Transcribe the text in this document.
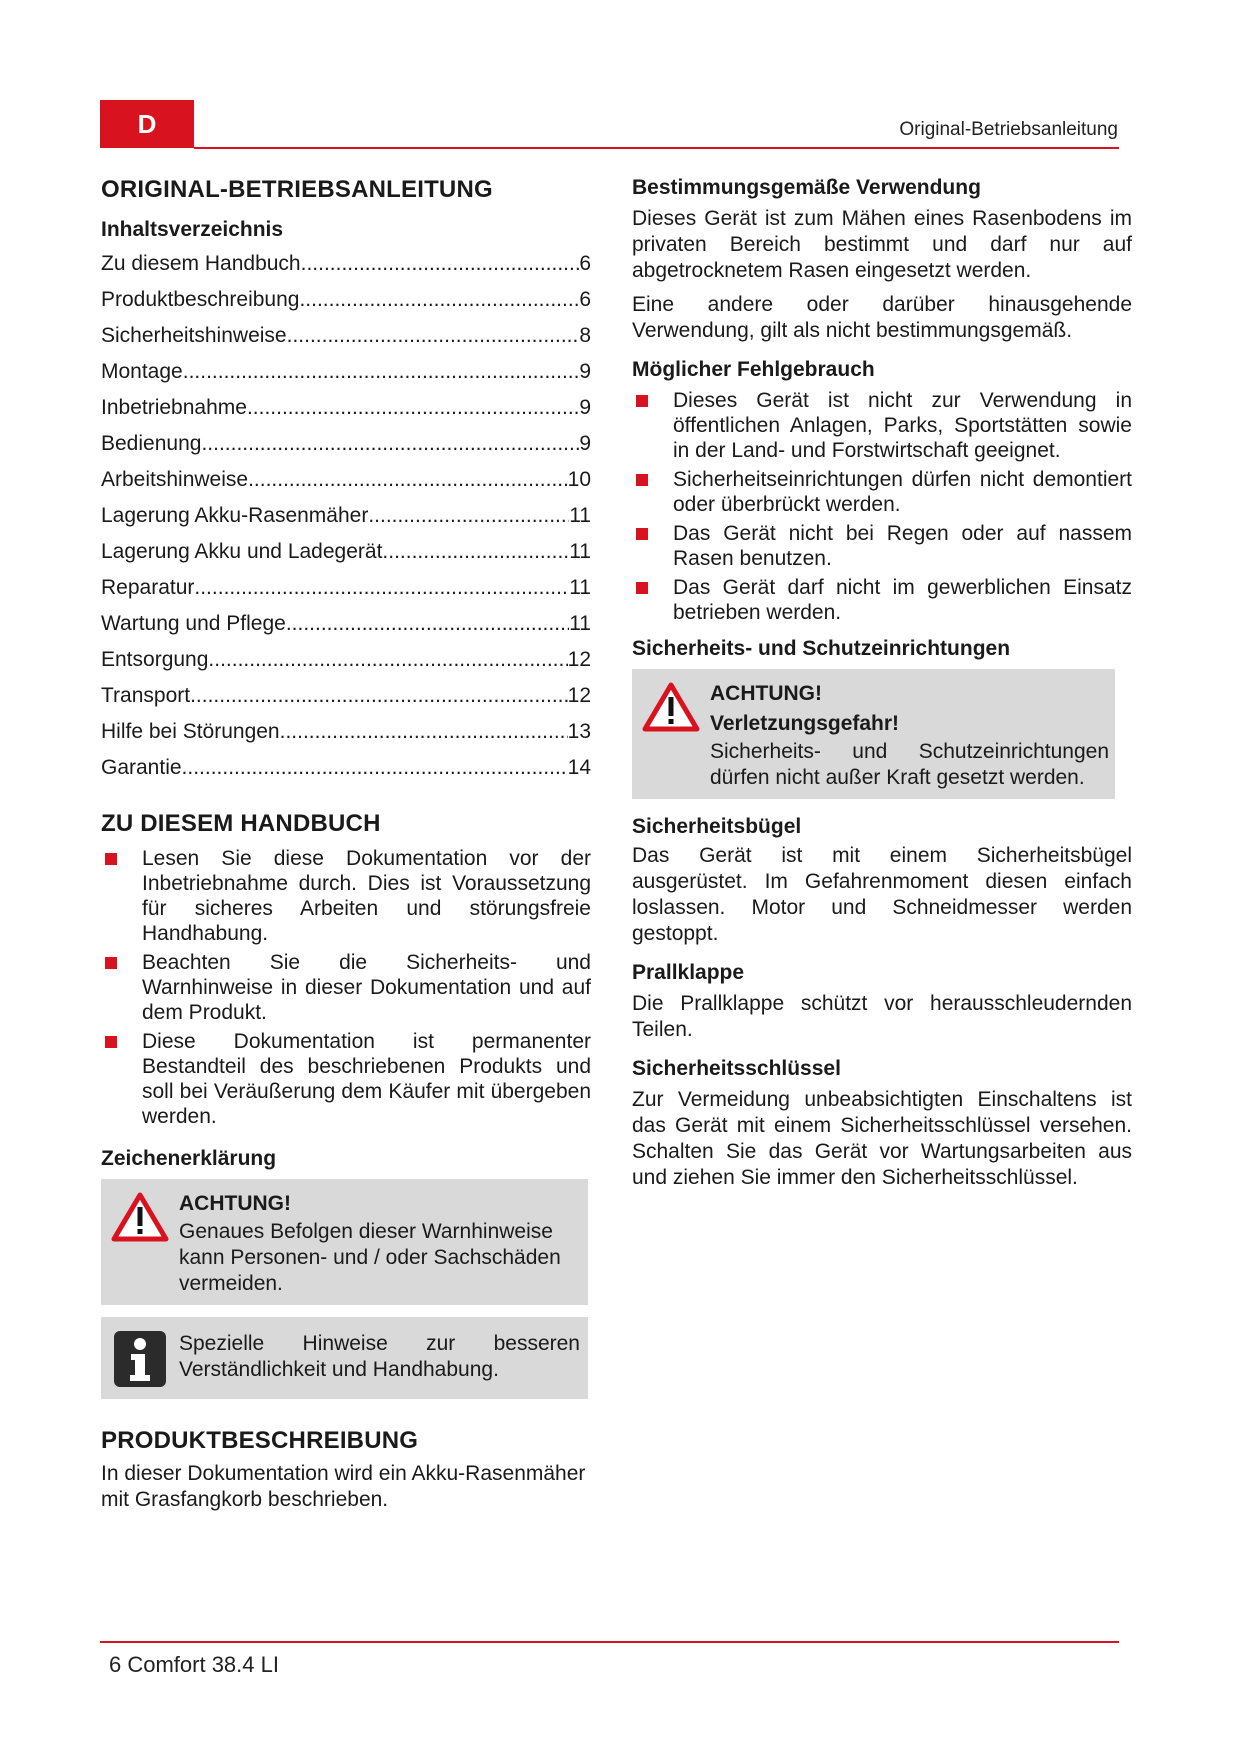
D	Original-Betriebsanleitung
ORIGINAL-BETRIEBSANLEITUNG
Inhaltsverzeichnis
Zu diesem Handbuch .....	6
Produktbeschreibung .....	6
Sicherheitshinweise .....	8
Montage .....	9
Inbetriebnahme .....	9
Bedienung .....	9
Arbeitshinweise .....	10
Lagerung Akku-Rasenmäher .....	11
Lagerung Akku und Ladegerät .....	11
Reparatur .....	11
Wartung und Pflege .....	11
Entsorgung .....	12
Transport .....	12
Hilfe bei Störungen .....	13
Garantie .....	14
ZU DIESEM HANDBUCH
Lesen Sie diese Dokumentation vor der Inbetriebnahme durch. Dies ist Voraussetzung für sicheres Arbeiten und störungsfreie Handhabung.
Beachten Sie die Sicherheits- und Warnhinweise in dieser Dokumentation und auf dem Produkt.
Diese Dokumentation ist permanenter Bestandteil des beschriebenen Produkts und soll bei Veräußerung dem Käufer mit übergeben werden.
Zeichenerklärung
ACHTUNG!

Genaues Befolgen dieser Warnhinweise kann Personen- und / oder Sachschäden vermeiden.

Spezielle Hinweise zur besseren Verständlichkeit und Handhabung.

PRODUKTBESCHREIBUNG

In dieser Dokumentation wird ein Akku-Rasenmäher mit Grasfangkorb beschrieben.

Bestimmungsgemäße Verwendung

Dieses Gerät ist zum Mähen eines Rasenbodens im privaten Bereich bestimmt und darf nur auf abgetrocknetem Rasen eingesetzt werden.

Eine andere oder darüber hinausgehende Verwendung, gilt als nicht bestimmungsgemäß.

Möglicher Fehlgebrauch
Dieses Gerät ist nicht zur Verwendung in öffentlichen Anlagen, Parks, Sportstätten sowie in der Land- und Forstwirtschaft geeignet.
Sicherheitseinrichtungen dürfen nicht demontiert oder überbrückt werden.
Das Gerät nicht bei Regen oder auf nassem Rasen benutzen.
Das Gerät darf nicht im gewerblichen Einsatz betrieben werden.
Sicherheits- und Schutzeinrichtungen
ACHTUNG!
Verletzungsgefahr!

Sicherheits- und Schutzeinrichtungen dürfen nicht außer Kraft gesetzt werden.

Sicherheitsbügel

Das Gerät ist mit einem Sicherheitsbügel ausgerüstet. Im Gefahrenmoment diesen einfach loslassen. Motor und Schneidmesser werden gestoppt.

Prallklappe

Die Prallklappe schützt vor herausschleudernden Teilen.

Sicherheitsschlüssel

Zur Vermeidung unbeabsichtigten Einschaltens ist das Gerät mit einem Sicherheitsschlüssel versehen. Schalten Sie das Gerät vor Wartungsarbeiten aus und ziehen Sie immer den Sicherheitsschlüssel.

6 Comfort 38.4 LI
